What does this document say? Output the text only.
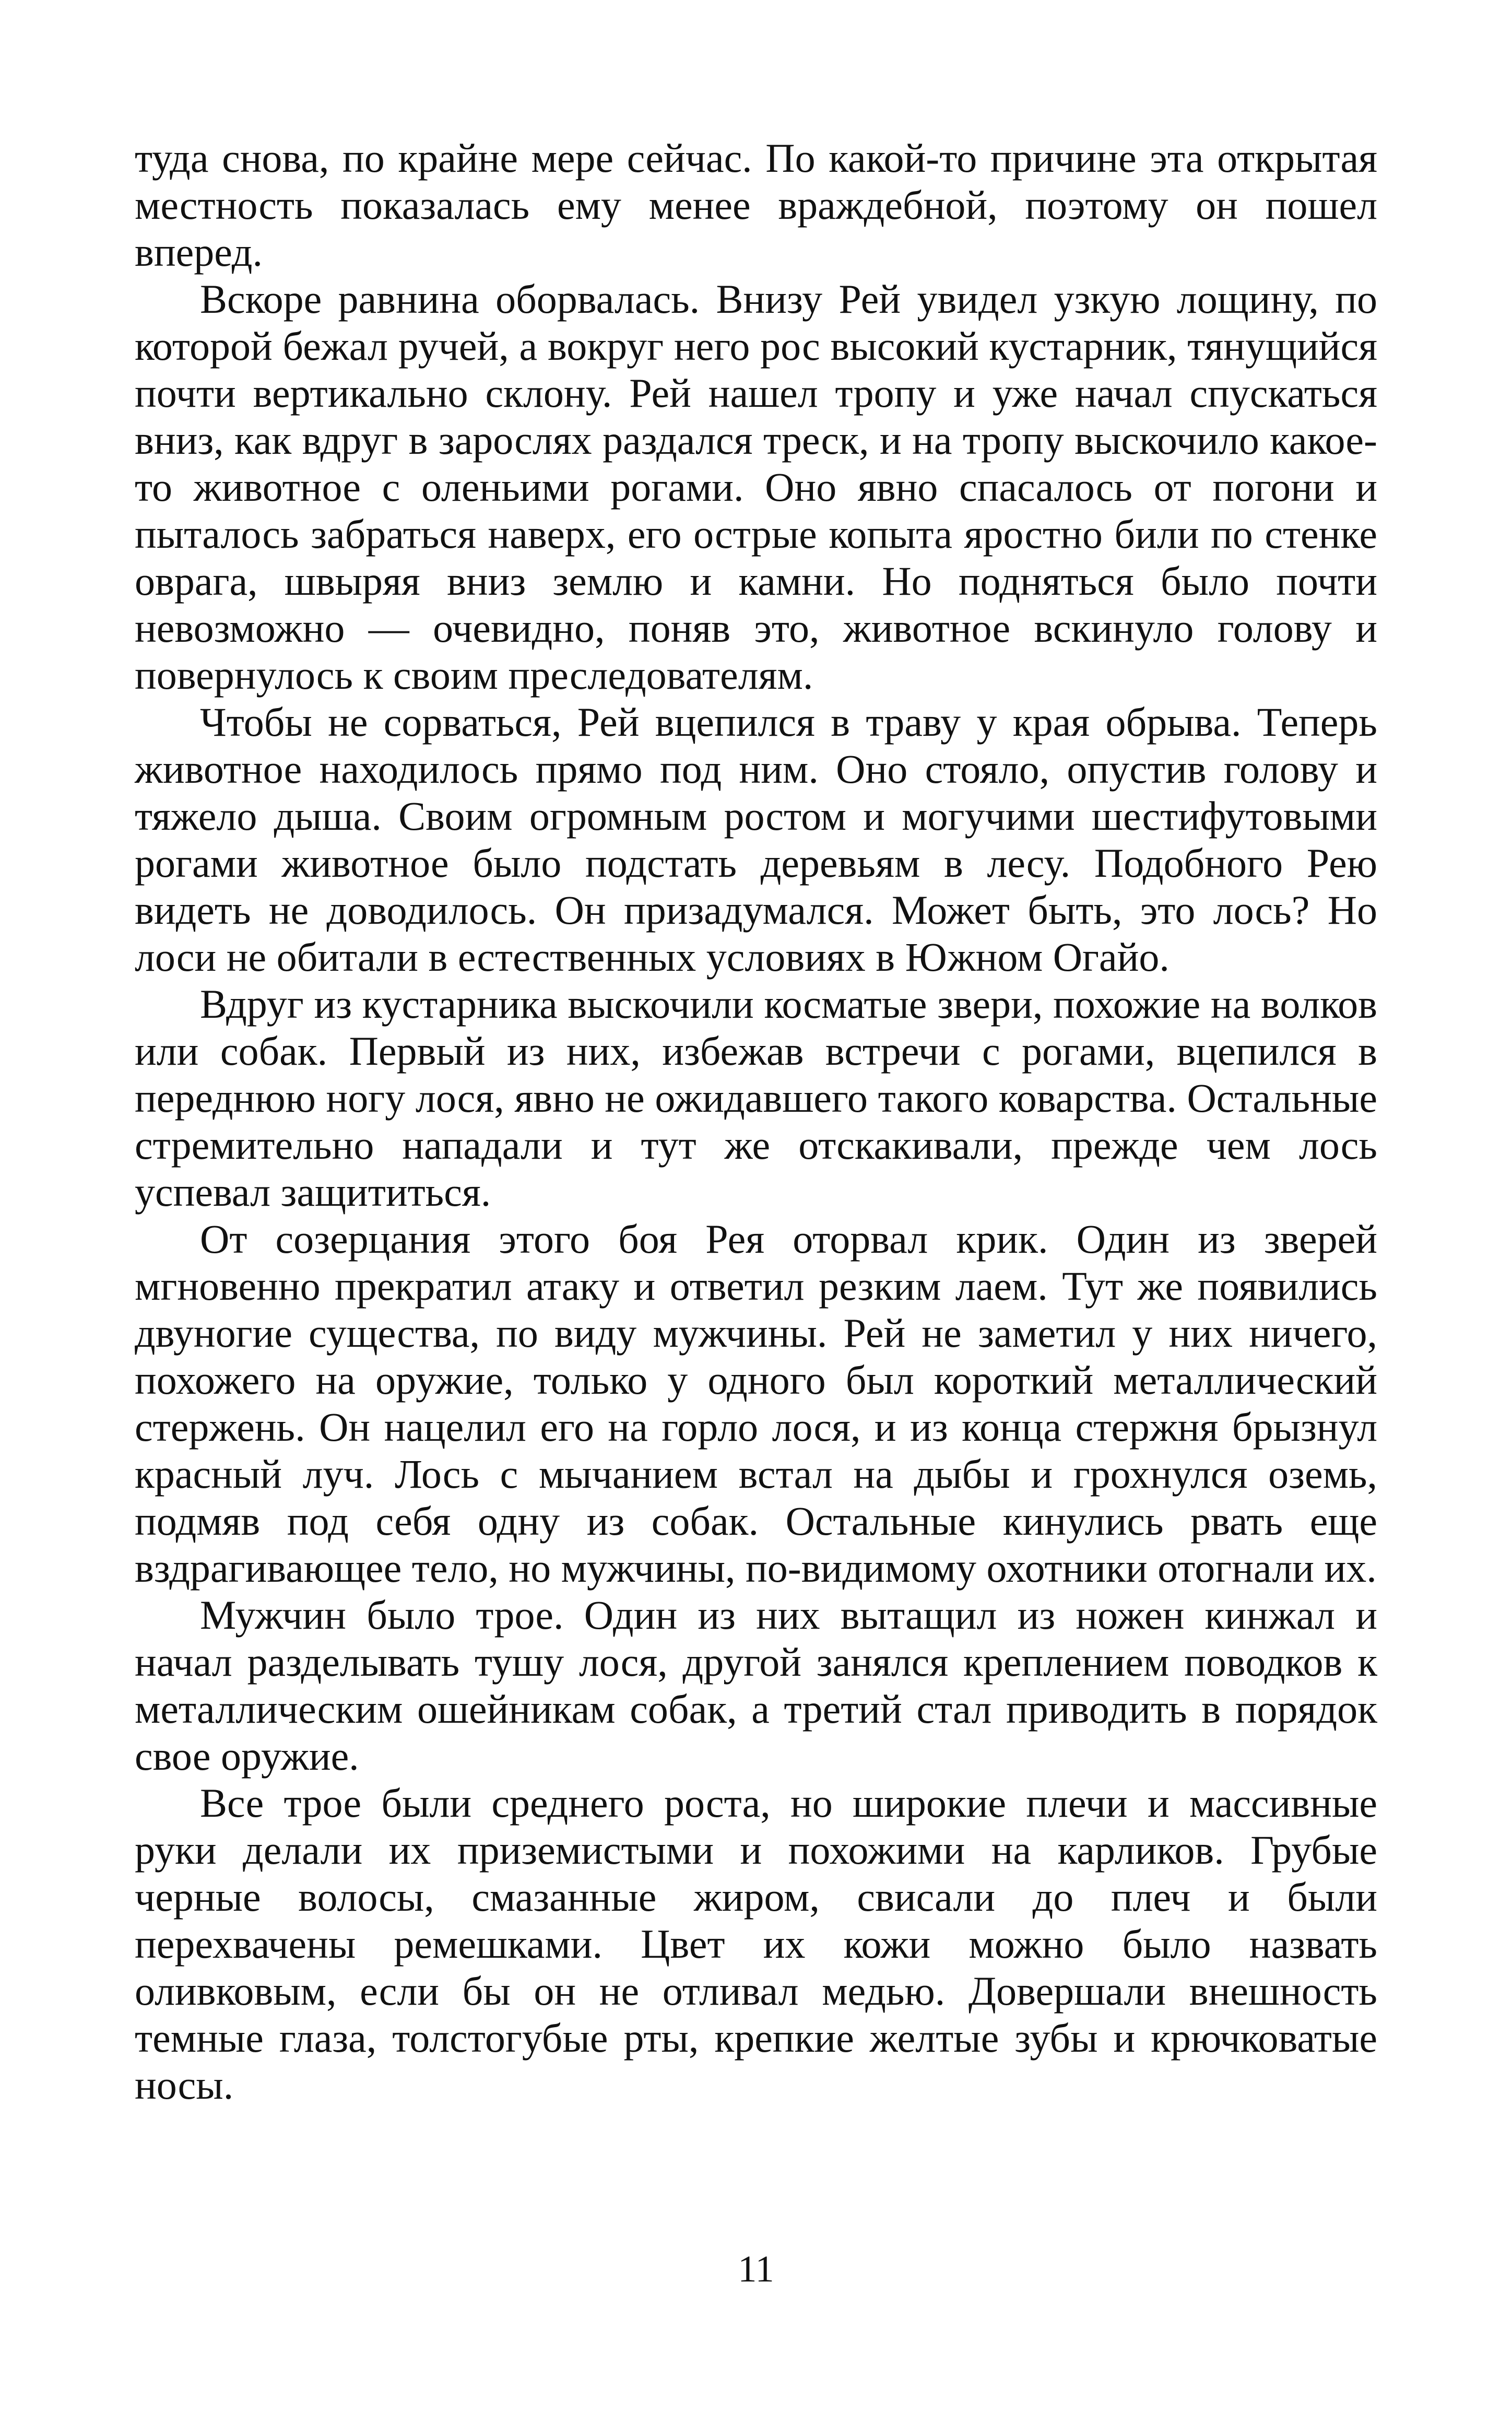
туда снова, по крайне мере сейчас. По какой-то причине эта открытая местность показалась ему менее враждебной, поэтому он пошел вперед.

Вскоре равнина оборвалась. Внизу Рей увидел узкую лощину, по которой бежал ручей, а вокруг него рос высокий кустарник, тянущийся почти вертикально склону. Рей нашел тропу и уже начал спускаться вниз, как вдруг в зарослях раздался треск, и на тропу выскочило какое-то животное с оленьими рогами. Оно явно спасалось от погони и пыталось забраться наверх, его острые копыта яростно били по стенке оврага, швыряя вниз землю и камни. Но подняться было почти невозможно — очевидно, поняв это, животное вскинуло голову и повернулось к своим преследователям.

Чтобы не сорваться, Рей вцепился в траву у края обрыва. Теперь животное находилось прямо под ним. Оно стояло, опустив голову и тяжело дыша. Своим огромным ростом и могучими шестифутовыми рогами животное было подстать деревьям в лесу. Подобного Рею видеть не доводилось. Он призадумался. Может быть, это лось? Но лоси не обитали в естественных условиях в Южном Огайо.

Вдруг из кустарника выскочили косматые звери, похожие на волков или собак. Первый из них, избежав встречи с рогами, вцепился в переднюю ногу лося, явно не ожидавшего такого коварства. Остальные стремительно нападали и тут же отскакивали, прежде чем лось успевал защититься.

От созерцания этого боя Рея оторвал крик. Один из зверей мгновенно прекратил атаку и ответил резким лаем. Тут же появились двуногие существа, по виду мужчины. Рей не заметил у них ничего, похожего на оружие, только у одного был короткий металлический стержень. Он нацелил его на горло лося, и из конца стержня брызнул красный луч. Лось с мычанием встал на дыбы и грохнулся оземь, подмяв под себя одну из собак. Остальные кинулись рвать еще вздрагивающее тело, но мужчины, по-видимому охотники отогнали их.

Мужчин было трое. Один из них вытащил из ножен кинжал и начал разделывать тушу лося, другой занялся креплением поводков к металлическим ошейникам собак, а третий стал приводить в порядок свое оружие.

Все трое были среднего роста, но широкие плечи и массивные руки делали их приземистыми и похожими на карликов. Грубые черные волосы, смазанные жиром, свисали до плеч и были перехвачены ремешками. Цвет их кожи можно было назвать оливковым, если бы он не отливал медью. Довершали внешность темные глаза, толстогубые рты, крепкие желтые зубы и крючковатые носы.

11
